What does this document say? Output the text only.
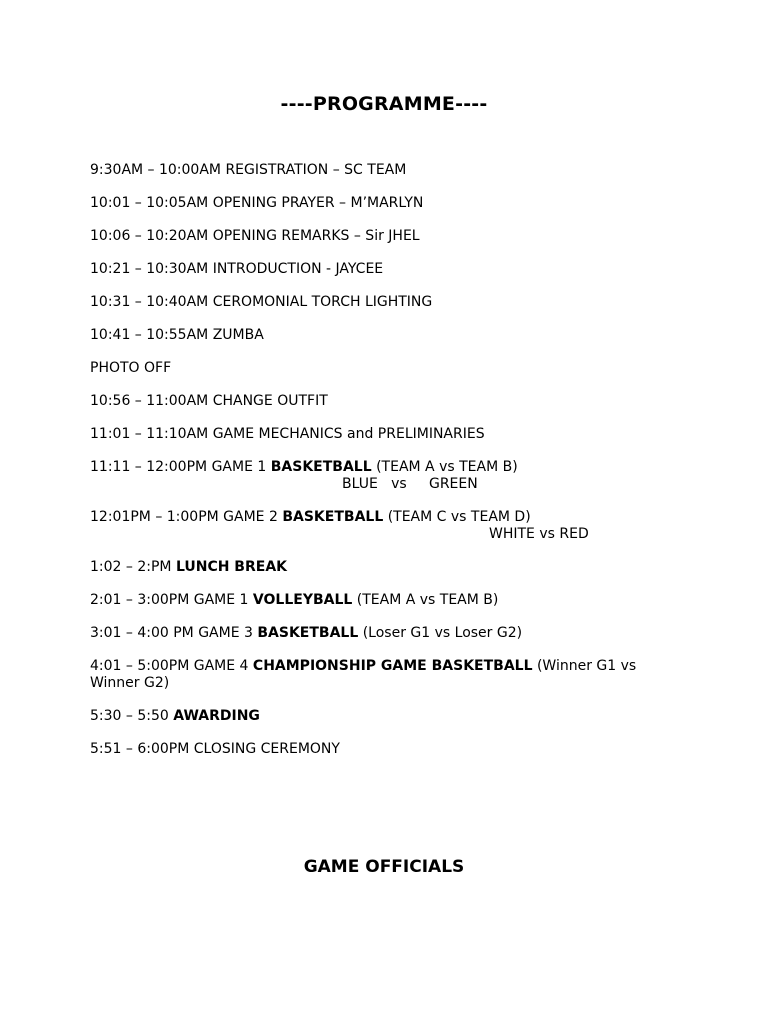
----PROGRAMME----
9:30AM – 10:00AM REGISTRATION – SC TEAM
10:01 – 10:05AM OPENING PRAYER – M’MARLYN
10:06 – 10:20AM OPENING REMARKS – Sir JHEL
10:21 – 10:30AM INTRODUCTION - JAYCEE
10:31 – 10:40AM CEROMONIAL TORCH LIGHTING
10:41 – 10:55AM ZUMBA
PHOTO OFF
10:56 – 11:00AM CHANGE OUTFIT
11:01 – 11:10AM GAME MECHANICS and PRELIMINARIES
11:11 – 12:00PM GAME 1 BASKETBALL (TEAM A vs TEAM B)
BLUE   vs     GREEN
12:01PM – 1:00PM GAME 2 BASKETBALL (TEAM C vs TEAM D)
WHITE vs RED
1:02 – 2:PM LUNCH BREAK
2:01 – 3:00PM GAME 1 VOLLEYBALL (TEAM A vs TEAM B)
3:01 – 4:00 PM GAME 3 BASKETBALL (Loser G1 vs Loser G2)
4:01 – 5:00PM GAME 4 CHAMPIONSHIP GAME BASKETBALL (Winner G1 vs Winner G2)
5:30 – 5:50 AWARDING
5:51 – 6:00PM CLOSING CEREMONY
GAME OFFICIALS
